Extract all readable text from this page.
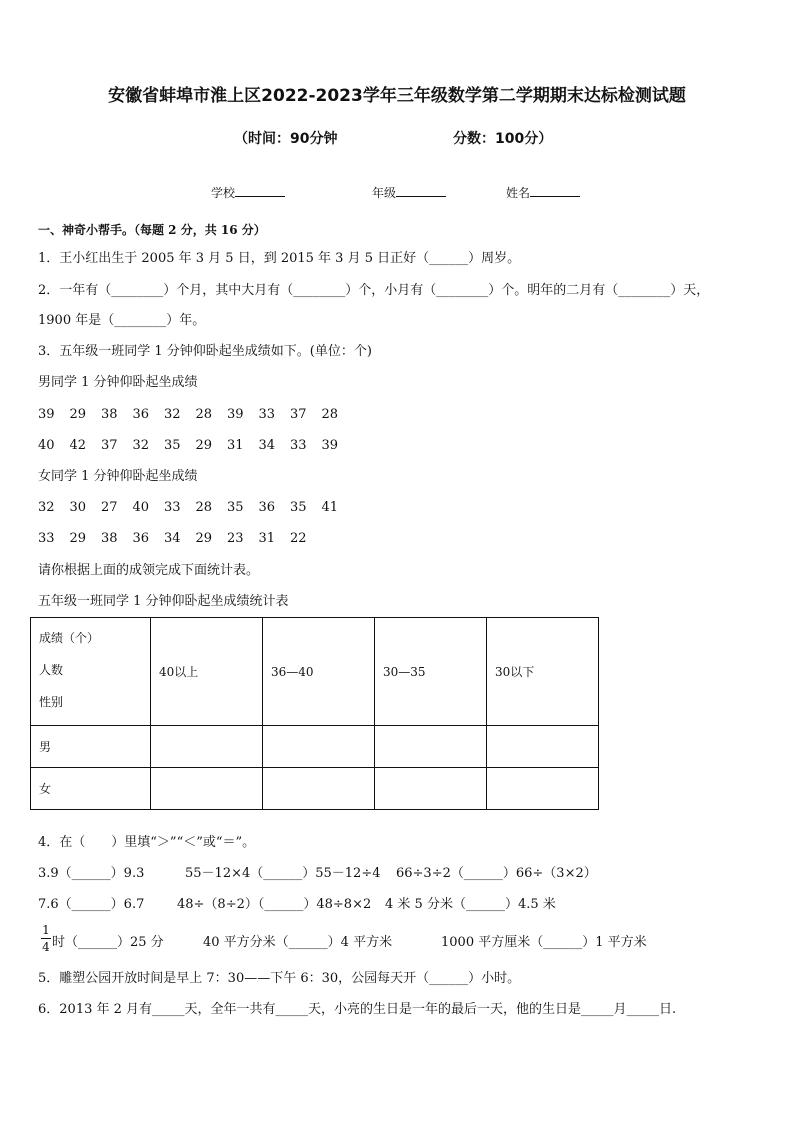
安徽省蚌埠市淮上区2022-2023学年三年级数学第二学期期末达标检测试题
（时间：90分钟	分数：100分）
学校	年级	姓名
一、神奇小帮手。（每题 2 分，共 16 分）
1．王小红出生于 2005 年 3 月 5 日，到 2015 年 3 月 5 日正好（______）周岁。
2．一年有（________）个月，其中大月有（________）个，小月有（________）个。明年的二月有（________）天，
1900 年是（________）年。
3．五年级一班同学 1 分钟仰卧起坐成绩如下。(单位：个)
男同学 1 分钟仰卧起坐成绩
39 29 38 36 32 28 39 33 37 28
40 42 37 32 35 29 31 34 33 39
女同学 1 分钟仰卧起坐成绩
32 30 27 40 33 28 35 36 35 41
33 29 38 36 34 29 23 31 22
请你根据上面的成领完成下面统计表。
五年级一班同学 1 分钟仰卧起坐成绩统计表
成绩（个）
人数
性别	40以上	36—40	30—35	30以下
男				
女				
4．在（　　）里填“＞”“＜”或“＝”。
3.9（______）9.3	55－12×4（______）55－12÷4 66÷3÷2（______）66÷（3×2）
7.6（______）6.7	48÷（8÷2）（______）48÷8×2 4 米 5 分米（______）4.5 米
1
4 时（______）25 分	40 平方分米（______）4 平方米	1000 平方厘米（______）1 平方米
5．雕塑公园开放时间是早上 7：30——下午 6：30，公园每天开（______）小时。
6．2013 年 2 月有_____天，全年一共有_____天，小亮的生日是一年的最后一天，他的生日是_____月_____日.
